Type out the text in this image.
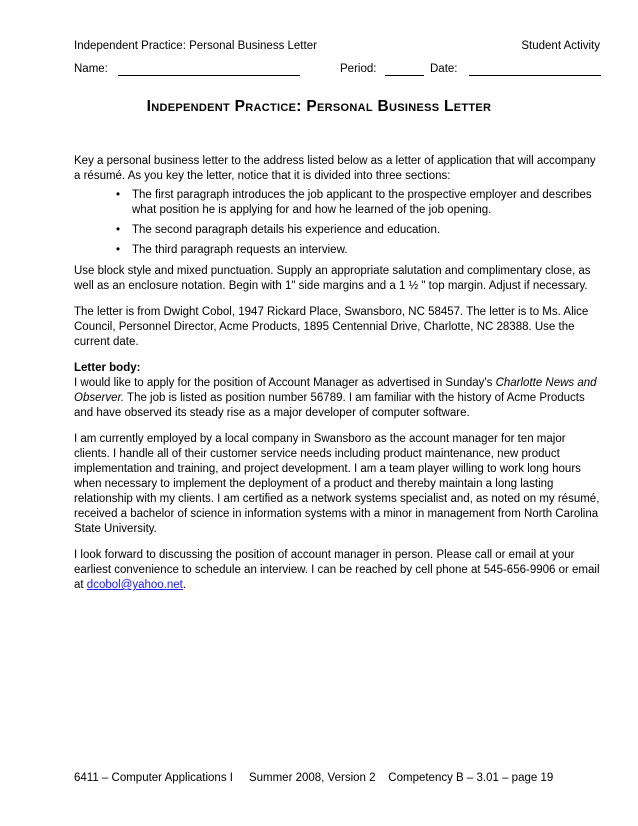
Independent Practice: Personal Business Letter	Student Activity
Name:	Period:	Date:
Independent Practice: Personal Business Letter

Key a personal business letter to the address listed below as a letter of application that will accompany a résumé. As you key the letter, notice that it is divided into three sections:

• The first paragraph introduces the job applicant to the prospective employer and describes what position he is applying for and how he learned of the job opening.
• The second paragraph details his experience and education.
• The third paragraph requests an interview.

Use block style and mixed punctuation. Supply an appropriate salutation and complimentary close, as well as an enclosure notation. Begin with 1" side margins and a 1 ½ " top margin. Adjust if necessary.

The letter is from Dwight Cobol, 1947 Rickard Place, Swansboro, NC 58457. The letter is to Ms. Alice Council, Personnel Director, Acme Products, 1895 Centennial Drive, Charlotte, NC 28388. Use the current date.

Letter body:
I would like to apply for the position of Account Manager as advertised in Sunday's Charlotte News and Observer. The job is listed as position number 56789. I am familiar with the history of Acme Products and have observed its steady rise as a major developer of computer software.

I am currently employed by a local company in Swansboro as the account manager for ten major clients. I handle all of their customer service needs including product maintenance, new product implementation and training, and project development. I am a team player willing to work long hours when necessary to implement the deployment of a product and thereby maintain a long lasting relationship with my clients. I am certified as a network systems specialist and, as noted on my résumé, received a bachelor of science in information systems with a minor in management from North Carolina State University.

I look forward to discussing the position of account manager in person. Please call or email at your earliest convenience to schedule an interview. I can be reached by cell phone at 545-656-9906 or email at dcobol@yahoo.net.

6411 – Computer Applications I     Summer 2008, Version 2    Competency B – 3.01 – page 19
